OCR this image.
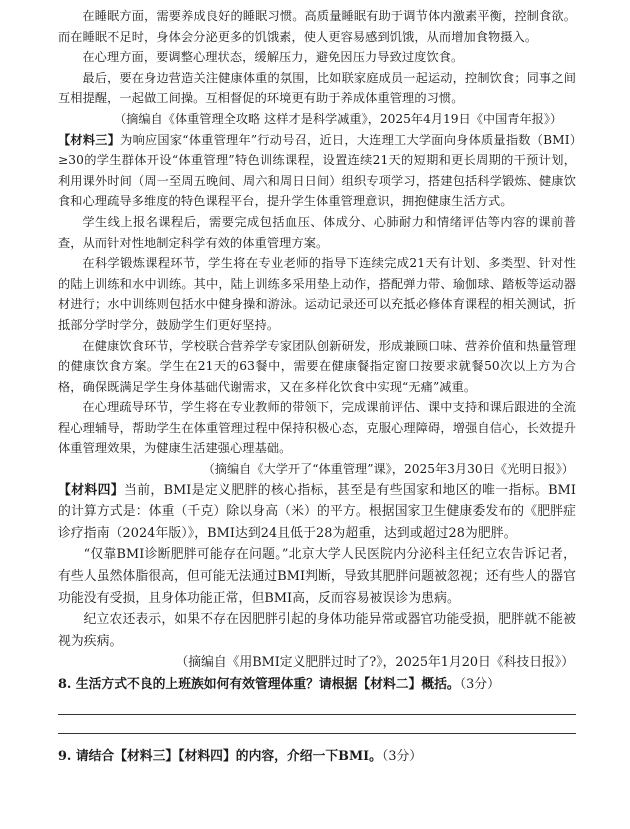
在睡眠方面，需要养成良好的睡眠习惯。高质量睡眠有助于调节体内激素平衡，控制食欲。而在睡眠不足时，身体会分泌更多的饥饿素，使人更容易感到饥饿，从而增加食物摄入。

在心理方面，要调整心理状态，缓解压力，避免因压力导致过度饮食。

最后，要在身边营造关注健康体重的氛围，比如联家庭成员一起运动，控制饮食；同事之间互相提醒，一起做工间操。互相督促的环境更有助于养成体重管理的习惯。

（摘编自《体重管理全攻略 这样才是科学减重》，2025年4月19日《中国青年报》）

【材料三】为响应国家“体重管理年”行动号召，近日，大连理工大学面向身体质量指数（BMI）≥30的学生群体开设“体重管理”特色训练课程，设置连续21天的短期和更长周期的干预计划，利用课外时间（周一至周五晚间、周六和周日日间）组织专项学习，搭建包括科学锻炼、健康饮食和心理疏导多维度的特色课程平台，提升学生体重管理意识，拥抱健康生活方式。

学生线上报名课程后，需要完成包括血压、体成分、心肺耐力和情绪评估等内容的课前普查，从而针对性地制定科学有效的体重管理方案。

在科学锻炼课程环节，学生将在专业老师的指导下连续完成21天有计划、多类型、针对性的陆上训练和水中训练。其中，陆上训练多采用垫上动作，搭配弹力带、瑜伽球、踏板等运动器材进行；水中训练则包括水中健身操和游泳。运动记录还可以充抵必修体育课程的相关测试，折抵部分学时学分，鼓励学生们更好坚持。

在健康饮食环节，学校联合营养学专家团队创新研发，形成兼顾口味、营养价值和热量管理的健康饮食方案。学生在21天的63餐中，需要在健康餐指定窗口按要求就餐50次以上方为合格，确保既满足学生身体基础代谢需求，又在多样化饮食中实现“无痛”减重。

在心理疏导环节，学生将在专业教师的带领下，完成课前评估、课中支持和课后跟进的全流程心理辅导，帮助学生在体重管理过程中保持积极心态，克服心理障碍，增强自信心，长效提升体重管理效果，为健康生活建强心理基础。

（摘编自《大学开了“体重管理”课》，2025年3月30日《光明日报》）

【材料四】当前，BMI是定义肥胖的核心指标，甚至是有些国家和地区的唯一指标。BMI的计算方式是：体重（千克）除以身高（米）的平方。根据国家卫生健康委发布的《肥胖症诊疗指南（2024年版）》，BMI达到24且低于28为超重，达到或超过28为肥胖。

“仅靠BMI诊断肥胖可能存在问题。”北京大学人民医院内分泌科主任纪立农告诉记者，有些人虽然体脂很高，但可能无法通过BMI判断，导致其肥胖问题被忽视；还有些人的器官功能没有受损，且身体功能正常，但BMI高，反而容易被误诊为患病。

纪立农还表示，如果不存在因肥胖引起的身体功能异常或器官功能受损，肥胖就不能被视为疾病。

（摘编自《用BMI定义肥胖过时了?》，2025年1月20日《科技日报》）

8. 生活方式不良的上班族如何有效管理体重？请根据【材料二】概括。（3分）

9. 请结合【材料三】【材料四】的内容，介绍一下BMI。（3分）
